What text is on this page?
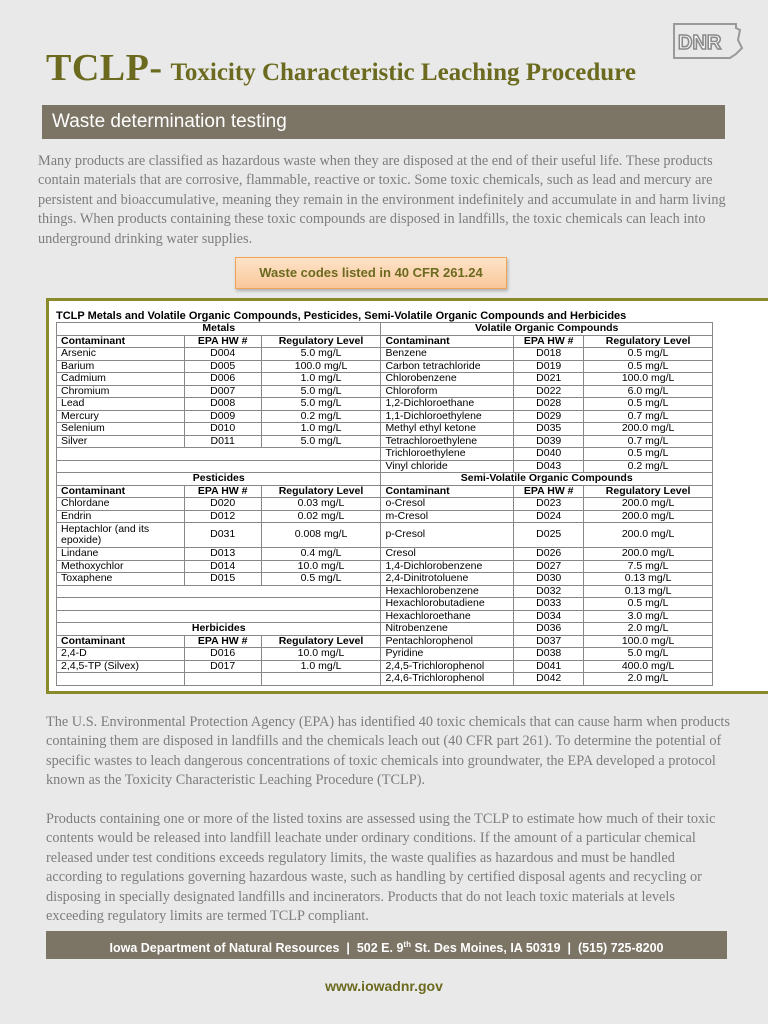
TCLP- Toxicity Characteristic Leaching Procedure
DNR
Waste determination testing
Many products are classified as hazardous waste when they are disposed at the end of their useful life. These products contain materials that are corrosive, flammable, reactive or toxic. Some toxic chemicals, such as lead and mercury are persistent and bioaccumulative, meaning they remain in the environment indefinitely and accumulate in and harm living things. When products containing these toxic compounds are disposed in landfills, the toxic chemicals can leach into underground drinking water supplies.
Waste codes listed in 40 CFR 261.24
TCLP Metals and Volatile Organic Compounds, Pesticides, Semi-Volatile Organic Compounds and Herbicides
Metals			Volatile Organic Compounds		
Contaminant	EPA HW #	Regulatory Level	Contaminant	EPA HW #	Regulatory Level
Arsenic	D004	5.0 mg/L	Benzene	D018	0.5 mg/L
Barium	D005	100.0 mg/L	Carbon tetrachloride	D019	0.5 mg/L
Cadmium	D006	1.0 mg/L	Chlorobenzene	D021	100.0 mg/L
Chromium	D007	5.0 mg/L	Chloroform	D022	6.0 mg/L
Lead	D008	5.0 mg/L	1,2-Dichloroethane	D028	0.5 mg/L
Mercury	D009	0.2 mg/L	1,1-Dichloroethylene	D029	0.7 mg/L
Selenium	D010	1.0 mg/L	Methyl ethyl ketone	D035	200.0 mg/L
Silver	D011	5.0 mg/L	Tetrachloroethylene	D039	0.7 mg/L
			Trichloroethylene	D040	0.5 mg/L
			Vinyl chloride	D043	0.2 mg/L
Pesticides			Semi-Volatile Organic Compounds		
Contaminant	EPA HW #	Regulatory Level	Contaminant	EPA HW #	Regulatory Level
Chlordane	D020	0.03 mg/L	o-Cresol	D023	200.0 mg/L
Endrin	D012	0.02 mg/L	m-Cresol	D024	200.0 mg/L
Heptachlor (and its epoxide)	D031	0.008 mg/L	p-Cresol	D025	200.0 mg/L
Lindane	D013	0.4 mg/L	Cresol	D026	200.0 mg/L
Methoxychlor	D014	10.0 mg/L	1,4-Dichlorobenzene	D027	7.5 mg/L
Toxaphene	D015	0.5 mg/L	2,4-Dinitrotoluene	D030	0.13 mg/L
			Hexachlorobenzene	D032	0.13 mg/L
			Hexachlorobutadiene	D033	0.5 mg/L
			Hexachloroethane	D034	3.0 mg/L
Herbicides			Nitrobenzene	D036	2.0 mg/L
Contaminant	EPA HW #	Regulatory Level	Pentachlorophenol	D037	100.0 mg/L
2,4-D	D016	10.0 mg/L	Pyridine	D038	5.0 mg/L
2,4,5-TP (Silvex)	D017	1.0 mg/L	2,4,5-Trichlorophenol	D041	400.0 mg/L
			2,4,6-Trichlorophenol	D042	2.0 mg/L
The U.S. Environmental Protection Agency (EPA) has identified 40 toxic chemicals that can cause harm when products containing them are disposed in landfills and the chemicals leach out (40 CFR part 261). To determine the potential of specific wastes to leach dangerous concentrations of toxic chemicals into groundwater, the EPA developed a protocol known as the Toxicity Characteristic Leaching Procedure (TCLP).
Products containing one or more of the listed toxins are assessed using the TCLP to estimate how much of their toxic contents would be released into landfill leachate under ordinary conditions. If the amount of a particular chemical released under test conditions exceeds regulatory limits, the waste qualifies as hazardous and must be handled according to regulations governing hazardous waste, such as handling by certified disposal agents and recycling or disposing in specially designated landfills and incinerators. Products that do not leach toxic materials at levels exceeding regulatory limits are termed TCLP compliant.
Iowa Department of Natural Resources | 502 E. 9th St. Des Moines, IA 50319 | (515) 725-8200
www.iowadnr.gov
